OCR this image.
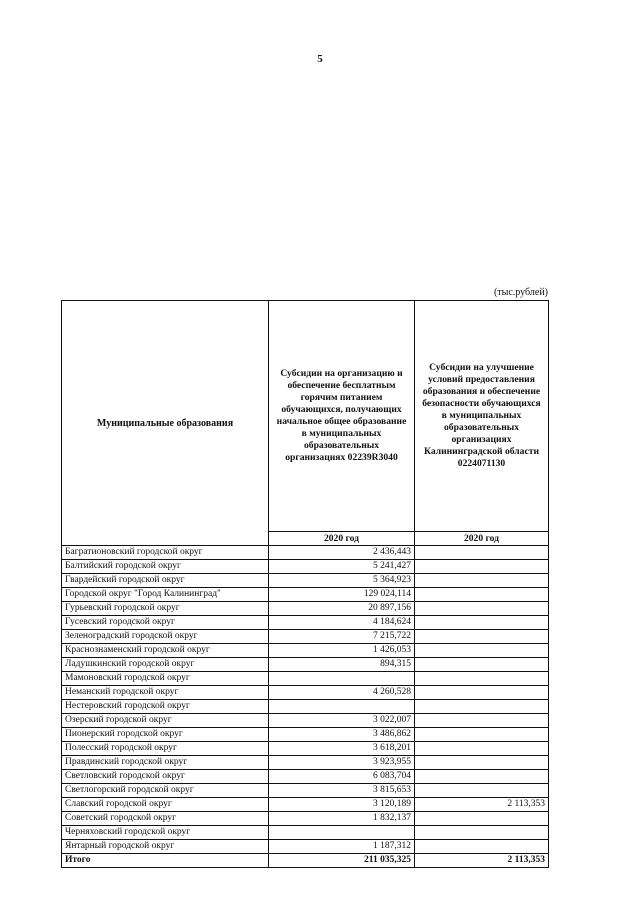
5
(тыс.рублей)
Муниципальные образования	Субсидии на организацию и обеспечение бесплатным горячим питанием обучающихся, получающих начальное общее образование в муниципальных образовательных организациях 02239R3040	Субсидии на улучшение условий предоставления образования и обеспечение безопасности обучающихся в муниципальных образовательных организациях Калининградской области 0224071130
	2020 год	2020 год
Багратионовский городской округ	2 436,443	
Балтийский городской округ	5 241,427	
Гвардейский городской округ	5 364,923	
Городской округ "Город Калининград"	129 024,114	
Гурьевский городской округ	20 897,156	
Гусевский городской округ	4 184,624	
Зеленоградский городской округ	7 215,722	
Краснознаменский городской округ	1 426,053	
Ладушкинский городской округ	894,315	
Мамоновский городской округ		
Неманский городской округ	4 260,528	
Нестеровский городской округ		
Озерский городской округ	3 022,007	
Пионерский городской округ	3 486,862	
Полесский городской округ	3 618,201	
Правдинский городской округ	3 923,955	
Светловский городской округ	6 083,704	
Светлогорский городской округ	3 815,653	
Славский городской округ	3 120,189	2 113,353
Советский городской округ	1 832,137	
Черняховский городской округ		
Янтарный городской округ	1 187,312	
Итого	211 035,325	2 113,353
